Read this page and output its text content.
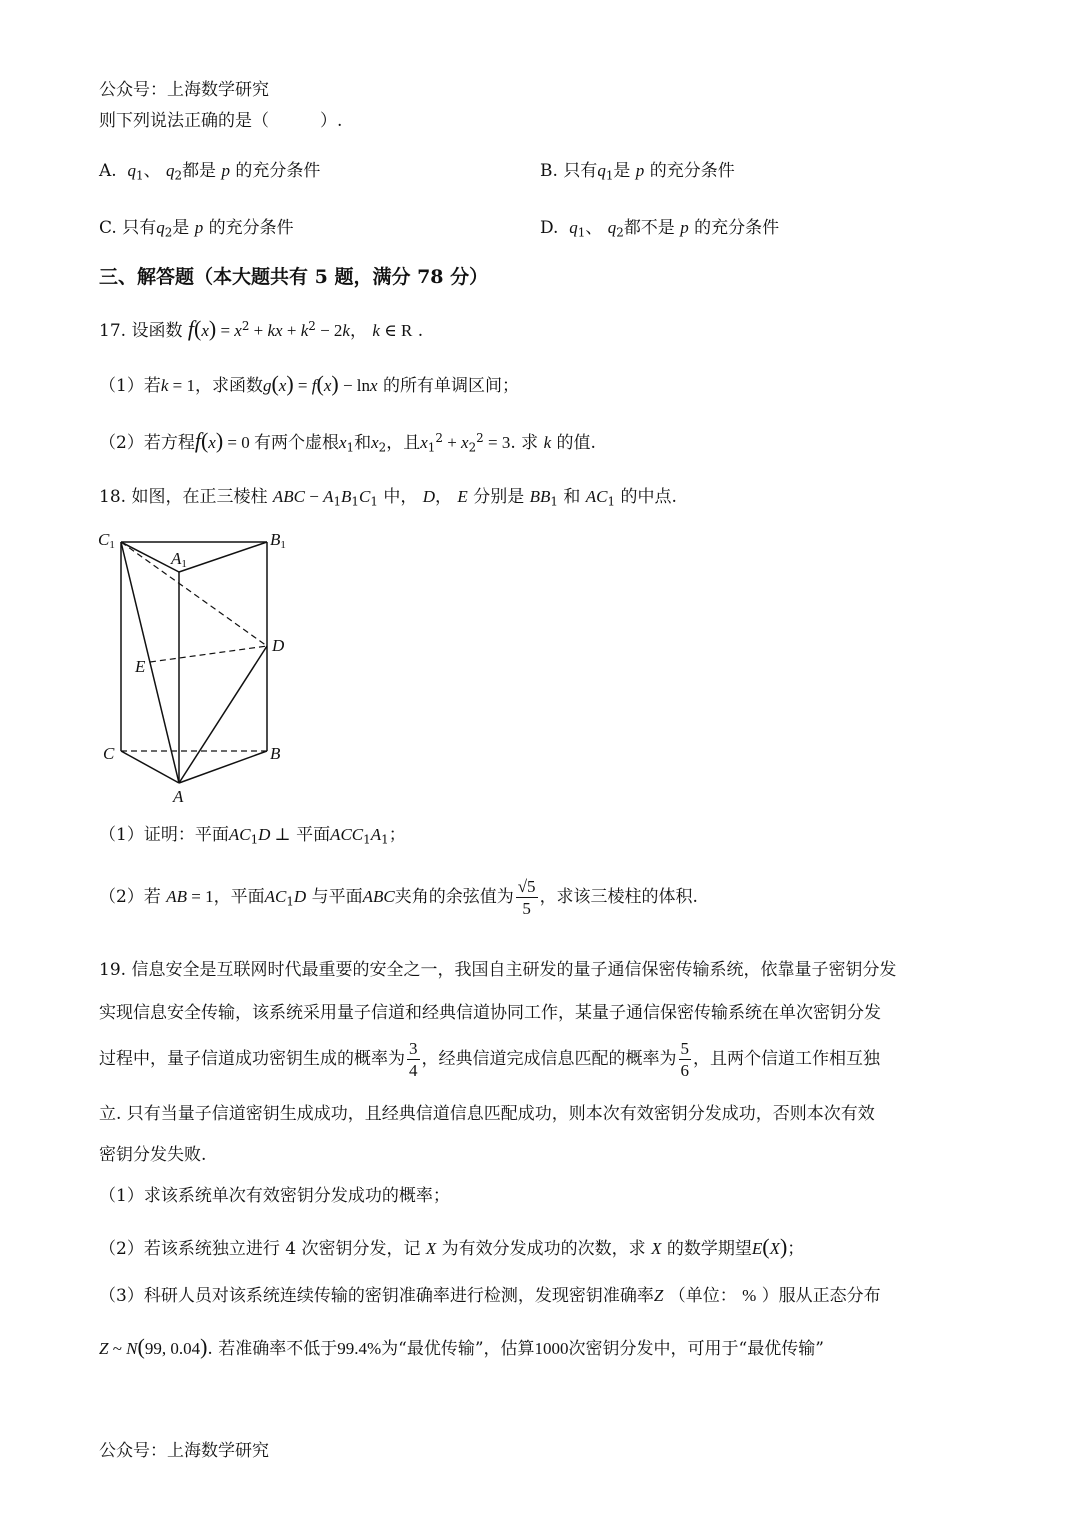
公众号：上海数学研究
则下列说法正确的是（　　　）.
A. $q_1$、 $q_2$都是 p 的充分条件	B. 只有$q_1$是 p 的充分条件
C. 只有$q_2$是 p 的充分条件	D. $q_1$、 $q_2$都不是 p 的充分条件
三、解答题（本大题共有 5 题，满分 78 分）
17. 设函数 $f(x) = x^2$ + kx + $k^2 - 2k$， k ∈ R .
（1）若k = 1，求函数g(x) = f(x) − lnx 的所有单调区间；
（2）若方程f(x) = 0 有两个虚根$x_1$和$x_2$，且$x_1^2 + x_2^2 = 3$. 求 k 的值.
18. 如图，在正三棱柱 ABC − $A_1B_1C_1$ 中， D， E 分别是 $BB_1$ 和 $AC_1$ 的中点.
C1
A1
B1
D
E
C	B
A
（1）证明：平面$AC_1D$ ⊥ 平面$ACC_1A_1$；
（2）若 AB = 1，平面$AC_1D$ 与平面ABC夹角的余弦值为 $\frac{√5}{5}$ ，求该三棱柱的体积.
19. 信息安全是互联网时代最重要的安全之一，我国自主研发的量子通信保密传输系统，依靠量子密钥分发
实现信息安全传输，该系统采用量子信道和经典信道协同工作，某量子通信保密传输系统在单次密钥分发
过程中，量子信道成功密钥生成的概率为 $\frac{3}{4}$ ，经典信道完成信息匹配的概率为 $\frac{5}{6}$ ，且两个信道工作相互独
立. 只有当量子信道密钥生成成功，且经典信道信息匹配成功，则本次有效密钥分发成功，否则本次有效
密钥分发失败.
（1）求该系统单次有效密钥分发成功的概率；
（2）若该系统独立进行 4 次密钥分发，记 X 为有效分发成功的次数，求 X 的数学期望E(X)；
（3）科研人员对该系统连续传输的密钥准确率进行检测，发现密钥准确率Z （单位： % ）服从正态分布
Z ~ N(99, 0.04). 若准确率不低于99.4%为“最优传输”，估算1000次密钥分发中，可用于“最优传输”
公众号：上海数学研究
